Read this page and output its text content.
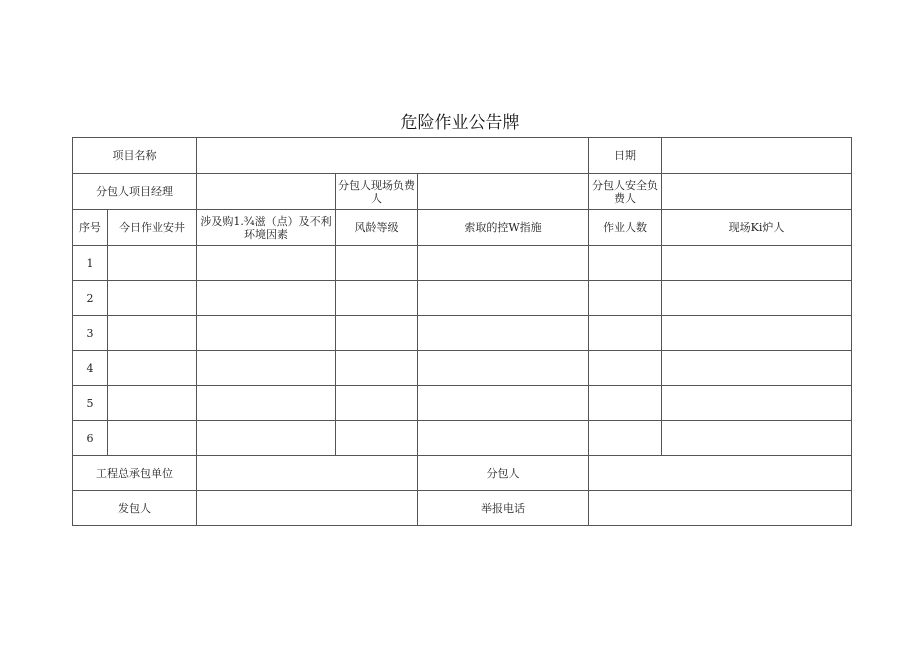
危险作业公告牌
项目名称					日期	
分包人项目经理			分包人现场负费人		分包人安全负费人	
序号	今日作业安井	涉及购1.¾滋（点）及不利环境因素	风龄等级	索取的控W指施	作业人数	现场Ki炉人
1						
2						
3						
4						
5						
6						
工程总承包单位				分包人		
发包人				举报电话		
